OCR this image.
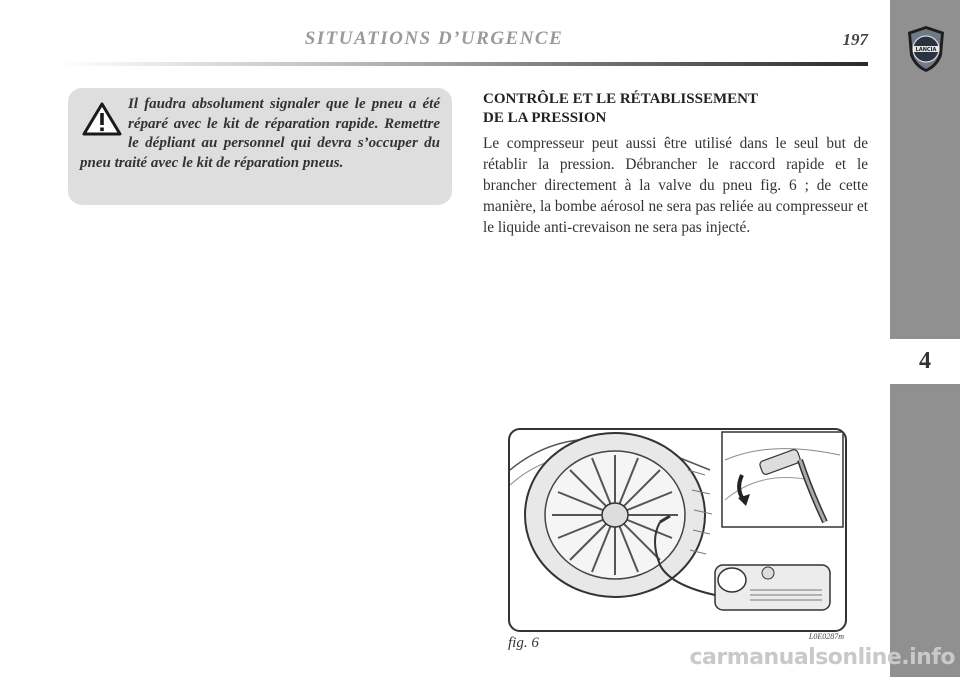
SITUATIONS D’URGENCE	197
4
LANCIA

Il faudra absolument signaler que le pneu a été réparé avec le kit de réparation rapide. Remettre le dépliant au personnel qui devra s’occuper du pneu traité avec le kit de réparation pneus.

CONTRÔLE ET LE RÉTABLISSEMENT
DE LA PRESSION

Le compresseur peut aussi être utilisé dans le seul but de rétablir la pression. Débrancher le raccord rapide et le brancher directement à la valve du pneu fig. 6 ; de cette manière, la bombe aérosol ne sera pas reliée au compresseur et le liquide anti-crevaison ne sera pas injecté.

fig. 6	L0E0287m
carmanualsonline.info
